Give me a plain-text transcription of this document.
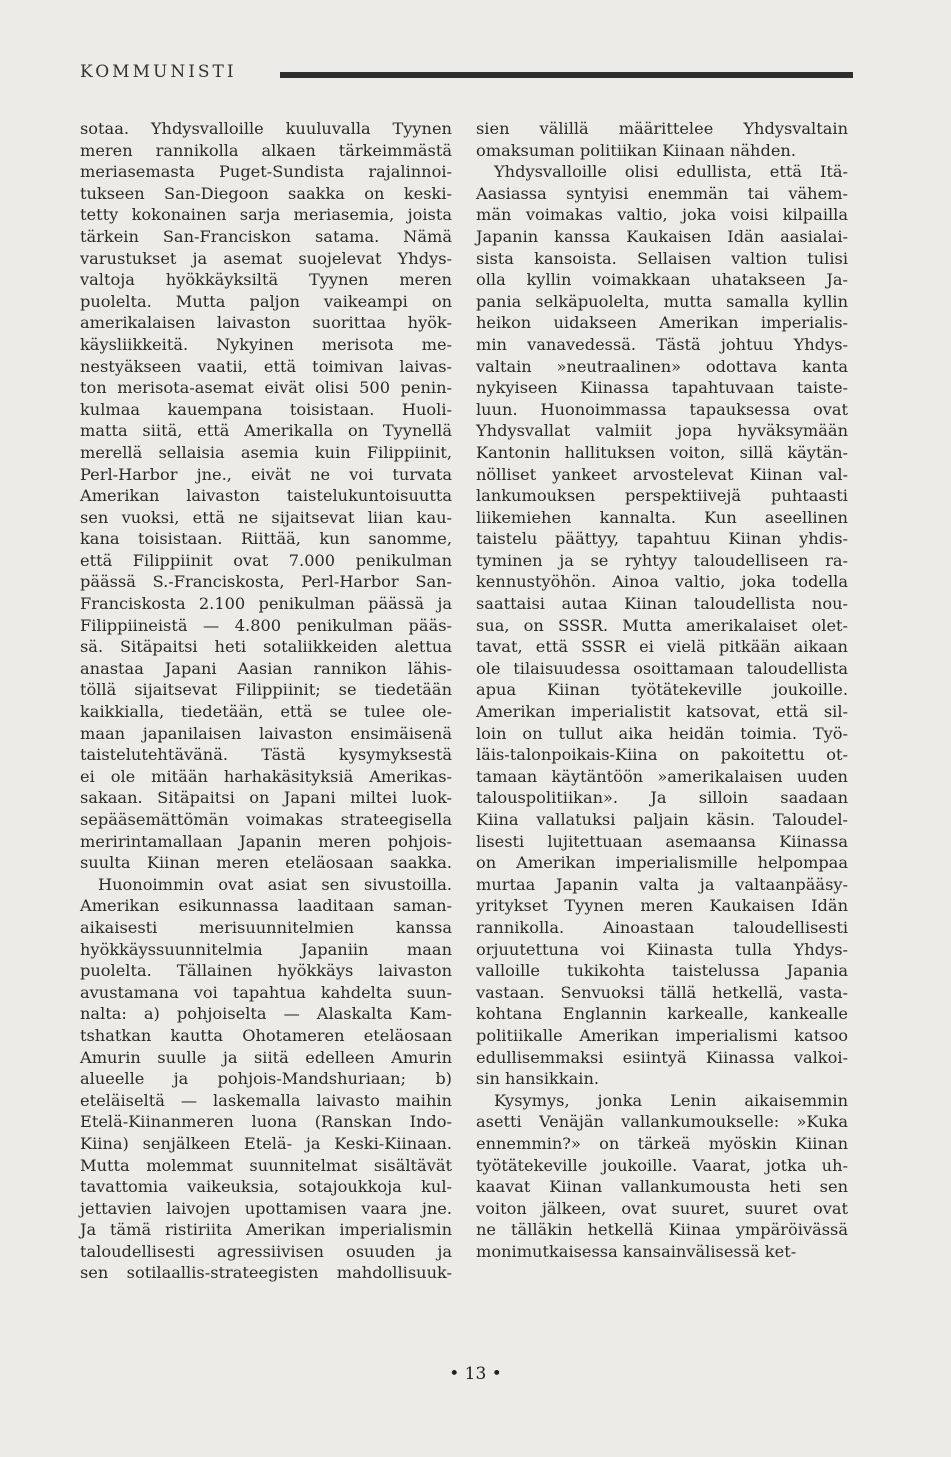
KOMMUNISTI
sotaa. Yhdysvalloille kuuluvalla Tyynen
meren rannikolla alkaen tärkeimmästä
meriasemasta Puget-Sundista rajalinnoi-
tukseen San-Diegoon saakka on keski-
tetty kokonainen sarja meriasemia, joista
tärkein San-Franciskon satama. Nämä
varustukset ja asemat suojelevat Yhdys-
valtoja hyökkäyksiltä Tyynen meren
puolelta. Mutta paljon vaikeampi on
amerikalaisen laivaston suorittaa hyök-
käysliikkeitä. Nykyinen merisota me-
nestyäkseen vaatii, että toimivan laivas-
ton merisota-asemat eivät olisi 500 penin-
kulmaa kauempana toisistaan. Huoli-
matta siitä, että Amerikalla on Tyynellä
merellä sellaisia asemia kuin Filippiinit,
Perl-Harbor jne., eivät ne voi turvata
Amerikan laivaston taistelukuntoisuutta
sen vuoksi, että ne sijaitsevat liian kau-
kana toisistaan. Riittää, kun sanomme,
että Filippiinit ovat 7.000 penikulman
päässä S.-Franciskosta, Perl-Harbor San-
Franciskosta 2.100 penikulman päässä ja
Filippiineistä — 4.800 penikulman pääs-
sä. Sitäpaitsi heti sotaliikkeiden alettua
anastaa Japani Aasian rannikon lähis-
töllä sijaitsevat Filippiinit; se tiedetään
kaikkialla, tiedetään, että se tulee ole-
maan japanilaisen laivaston ensimäisenä
taistelutehtävänä. Tästä kysymyksestä
ei ole mitään harhakäsityksiä Amerikas-
sakaan. Sitäpaitsi on Japani miltei luok-
sepääsemättömän voimakas strateegisella
meririntamallaan Japanin meren pohjois-
suulta Kiinan meren eteläosaan saakka.
Huonoimmin ovat asiat sen sivustoilla.
Amerikan esikunnassa laaditaan saman-
aikaisesti merisuunnitelmien kanssa
hyökkäyssuunnitelmia Japaniin maan
puolelta. Tällainen hyökkäys laivaston
avustamana voi tapahtua kahdelta suun-
nalta: a) pohjoiselta — Alaskalta Kam-
tshatkan kautta Ohotameren eteläosaan
Amurin suulle ja siitä edelleen Amurin
alueelle ja pohjois-Mandshuriaan; b)
eteläiseltä — laskemalla laivasto maihin
Etelä-Kiinanmeren luona (Ranskan Indo-
Kiina) senjälkeen Etelä- ja Keski-Kiinaan.
Mutta molemmat suunnitelmat sisältävät
tavattomia vaikeuksia, sotajoukkoja kul-
jettavien laivojen upottamisen vaara jne.
Ja tämä ristiriita Amerikan imperialismin
taloudellisesti agressiivisen osuuden ja
sen sotilaallis-strateegisten mahdollisuuk-
sien välillä määrittelee Yhdysvaltain
omaksuman politiikan Kiinaan nähden.
Yhdysvalloille olisi edullista, että Itä-
Aasiassa syntyisi enemmän tai vähem-
män voimakas valtio, joka voisi kilpailla
Japanin kanssa Kaukaisen Idän aasialai-
sista kansoista. Sellaisen valtion tulisi
olla kyllin voimakkaan uhatakseen Ja-
pania selkäpuolelta, mutta samalla kyllin
heikon uidakseen Amerikan imperialis-
min vanavedessä. Tästä johtuu Yhdys-
valtain »neutraalinen» odottava kanta
nykyiseen Kiinassa tapahtuvaan taiste-
luun. Huonoimmassa tapauksessa ovat
Yhdysvallat valmiit jopa hyväksymään
Kantonin hallituksen voiton, sillä käytän-
nölliset yankeet arvostelevat Kiinan val-
lankumouksen perspektiivejä puhtaasti
liikemiehen kannalta. Kun aseellinen
taistelu päättyy, tapahtuu Kiinan yhdis-
tyminen ja se ryhtyy taloudelliseen ra-
kennustyöhön. Ainoa valtio, joka todella
saattaisi autaa Kiinan taloudellista nou-
sua, on SSSR. Mutta amerikalaiset olet-
tavat, että SSSR ei vielä pitkään aikaan
ole tilaisuudessa osoittamaan taloudellista
apua Kiinan työtätekeville joukoille.
Amerikan imperialistit katsovat, että sil-
loin on tullut aika heidän toimia. Työ-
läis-talonpoikais-Kiina on pakoitettu ot-
tamaan käytäntöön »amerikalaisen uuden
talouspolitiikan». Ja silloin saadaan
Kiina vallatuksi paljain käsin. Taloudel-
lisesti lujitettuaan asemaansa Kiinassa
on Amerikan imperialismille helpompaa
murtaa Japanin valta ja valtaanpääsy-
yritykset Tyynen meren Kaukaisen Idän
rannikolla. Ainoastaan taloudellisesti
orjuutettuna voi Kiinasta tulla Yhdys-
valloille tukikohta taistelussa Japania
vastaan. Senvuoksi tällä hetkellä, vasta-
kohtana Englannin karkealle, kankealle
politiikalle Amerikan imperialismi katsoo
edullisemmaksi esiintyä Kiinassa valkoi-
sin hansikkain.
Kysymys, jonka Lenin aikaisemmin
asetti Venäjän vallankumoukselle: »Kuka
ennemmin?» on tärkeä myöskin Kiinan
työtätekeville joukoille. Vaarat, jotka uh-
kaavat Kiinan vallankumousta heti sen
voiton jälkeen, ovat suuret, suuret ovat
ne tälläkin hetkellä Kiinaa ympäröivässä
monimutkaisessa kansainvälisessä ket-
• 13 •
